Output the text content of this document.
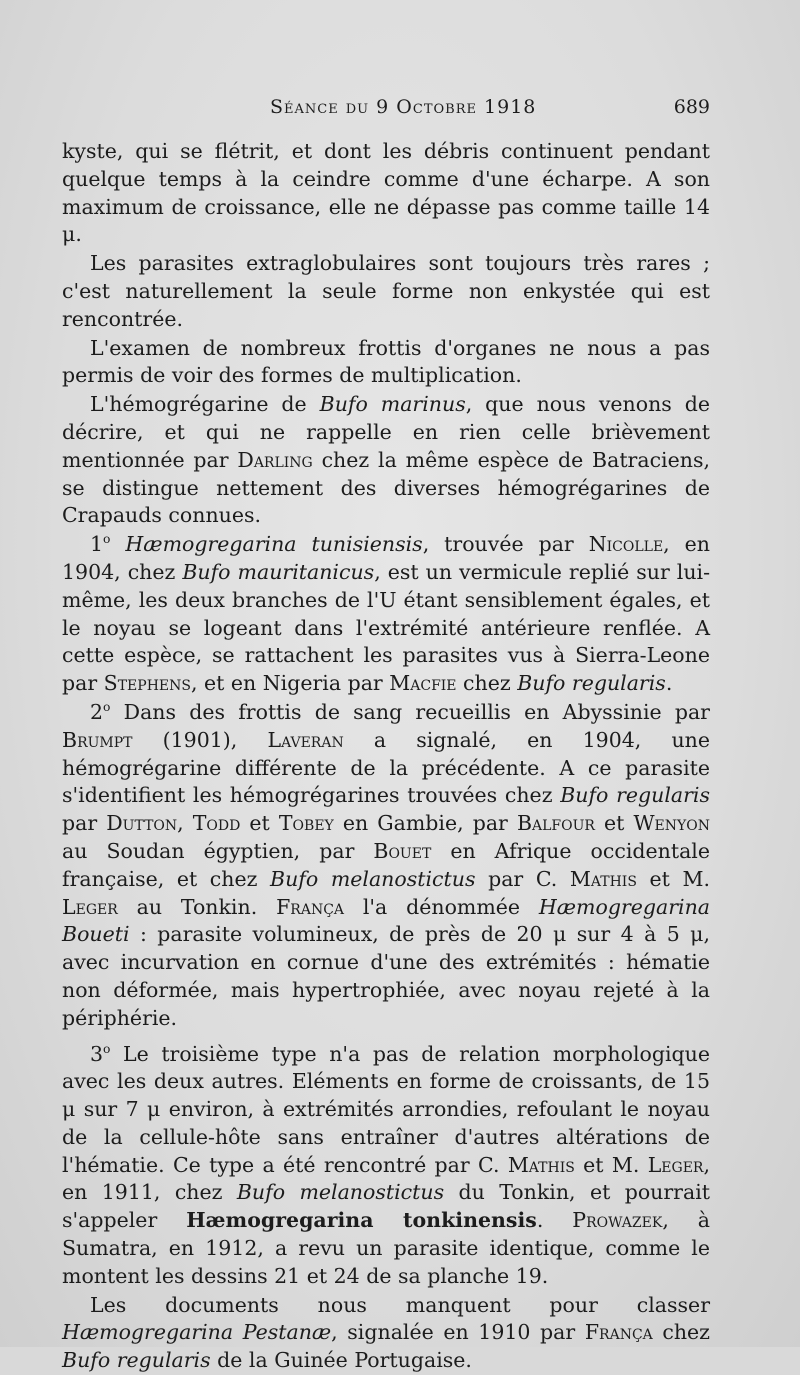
Séance du 9 Octobre 1918	689

kyste, qui se flétrit, et dont les débris continuent pendant quelque temps à la ceindre comme d'une écharpe. A son maximum de croissance, elle ne dépasse pas comme taille 14 μ.

Les parasites extraglobulaires sont toujours très rares ; c'est naturellement la seule forme non enkystée qui est rencontrée.

L'examen de nombreux frottis d'organes ne nous a pas permis de voir des formes de multiplication.

L'hémogrégarine de Bufo marinus, que nous venons de décrire, et qui ne rappelle en rien celle brièvement mentionnée par Darling chez la même espèce de Batraciens, se distingue nettement des diverses hémogrégarines de Crapauds connues.

1$^o$ Hæmogregarina tunisiensis, trouvée par Nicolle, en 1904, chez Bufo mauritanicus, est un vermicule replié sur lui-même, les deux branches de l'U étant sensiblement égales, et le noyau se logeant dans l'extrémité antérieure renflée. A cette espèce, se rattachent les parasites vus à Sierra-Leone par Stephens, et en Nigeria par Macfie chez Bufo regularis.

2$^o$ Dans des frottis de sang recueillis en Abyssinie par Brumpt (1901), Laveran a signalé, en 1904, une hémogrégarine différente de la précédente. A ce parasite s'identifient les hémogrégarines trouvées chez Bufo regularis par Dutton, Todd et Tobey en Gambie, par Balfour et Wenyon au Soudan égyptien, par Bouet en Afrique occidentale française, et chez Bufo melanostictus par C. Mathis et M. Leger au Tonkin. França l'a dénommée Hæmogregarina Boueti : parasite volumineux, de près de 20 μ sur 4 à 5 μ, avec incurvation en cornue d'une des extrémités : hématie non déformée, mais hypertrophiée, avec noyau rejeté à la périphérie.

3$^o$ Le troisième type n'a pas de relation morphologique avec les deux autres. Eléments en forme de croissants, de 15 μ sur 7 μ environ, à extrémités arrondies, refoulant le noyau de la cellule-hôte sans entraîner d'autres altérations de l'hématie. Ce type a été rencontré par C. Mathis et M. Leger, en 1911, chez Bufo melanostictus du Tonkin, et pourrait s'appeler Hæmogregarina tonkinensis. Prowazek, à Sumatra, en 1912, a revu un parasite identique, comme le montent les dessins 21 et 24 de sa planche 19.

Les documents nous manquent pour classer Hæmogregarina Pestanæ, signalée en 1910 par França chez Bufo regularis de la Guinée Portugaise.
